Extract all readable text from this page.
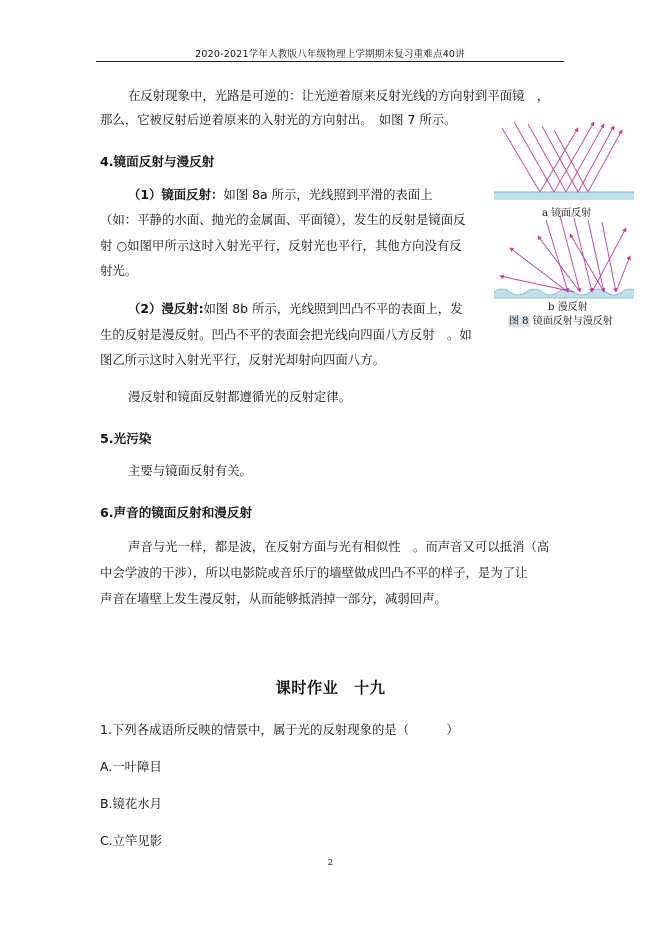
2020-2021学年人教版八年级物理上学期期末复习重难点40讲

在反射现象中，光路是可逆的：让光逆着原来反射光线的方向射到平面镜　，

那么，它被反射后逆着原来的入射光的方向射出。　如图 7 所示。

4.镜面反射与漫反射

（1）镜面反射：如图 8a 所示，光线照到平滑的表面上

（如：平静的水面、抛光的金属面、平面镜），发生的反射是镜面反

射 ○如图甲所示这时入射光平行，反射光也平行，其他方向没有反

射光。

（2）漫反射:如图 8b 所示，光线照到凹凸不平的表面上，发

生的反射是漫反射。凹凸不平的表面会把光线向四面八方反射　。如

图乙所示这时入射光平行，反射光却射向四面八方。

漫反射和镜面反射都遵循光的反射定律。

a 镜面反射
b 漫反射
图 8 镜面反射与漫反射

5.光污染

主要与镜面反射有关。

6.声音的镜面反射和漫反射

声音与光一样，都是波，在反射方面与光有相似性　。而声音又可以抵消（高

中会学波的干涉），所以电影院或音乐厅的墙壁做成凹凸不平的样子，是为了让

声音在墙壁上发生漫反射，从而能够抵消掉一部分，减弱回声。

课时作业　十九

1.下列各成语所反映的情景中，属于光的反射现象的是（　　　）

A.一叶障目

B.镜花水月

C.立竿见影

2
